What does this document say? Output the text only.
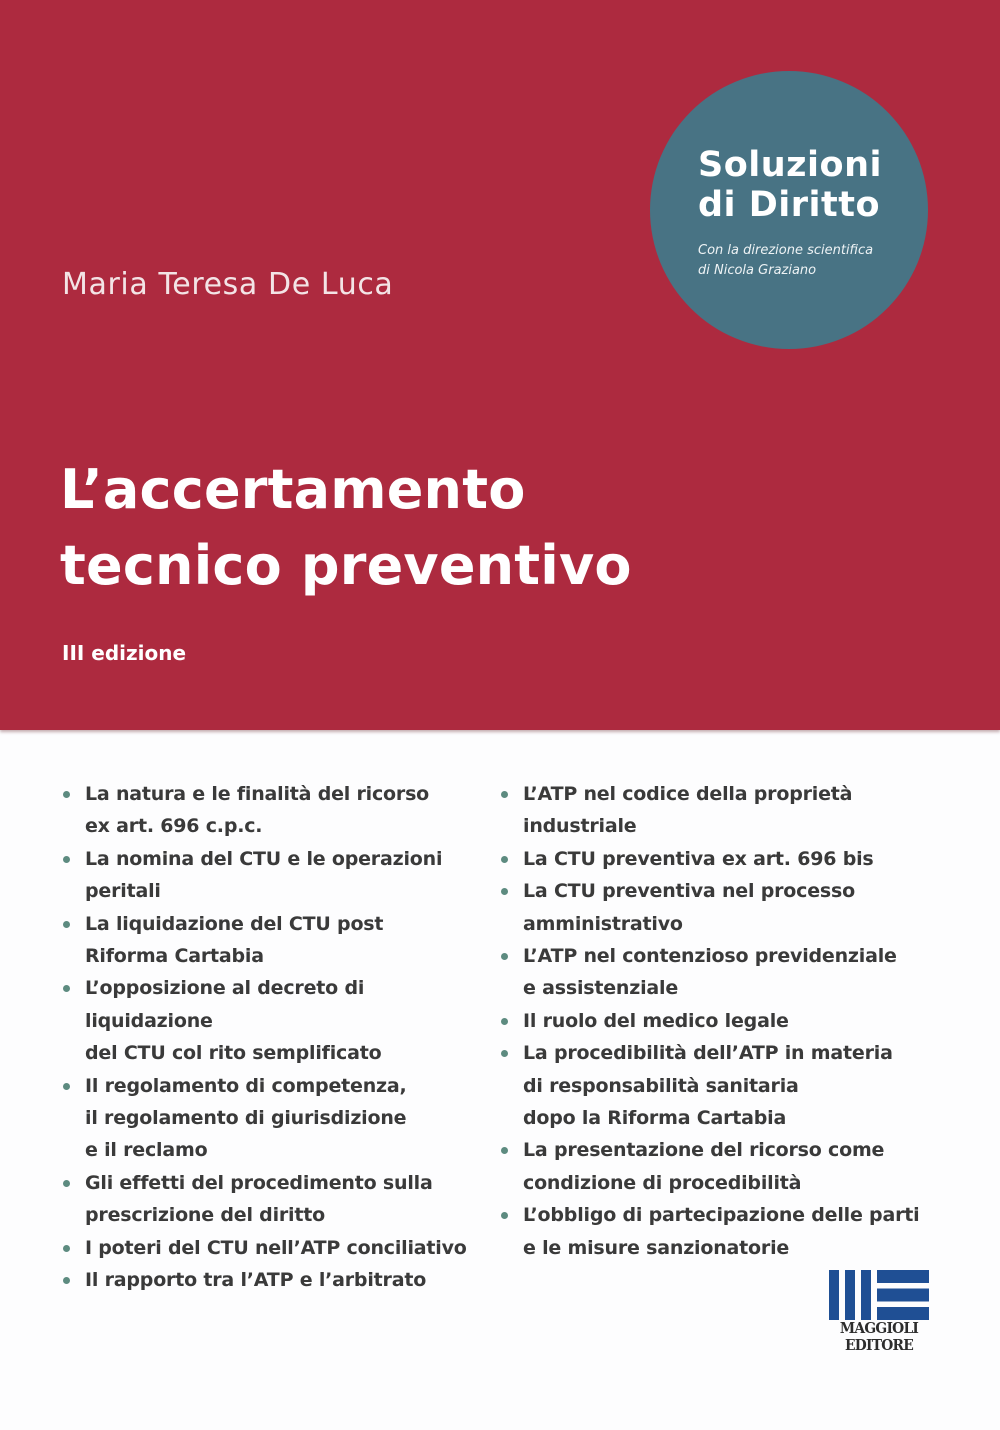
Soluzioni
di Diritto
Con la direzione scientifica
di Nicola Graziano
Maria Teresa De Luca
L’accertamento
tecnico preventivo
III edizione
La natura e le finalità del ricorso
ex art. 696 c.p.c.
La nomina del CTU e le operazioni
peritali
La liquidazione del CTU post
Riforma Cartabia
L’opposizione al decreto di liquidazione
del CTU col rito semplificato
Il regolamento di competenza,
il regolamento di giurisdizione
e il reclamo
Gli effetti del procedimento sulla
prescrizione del diritto
I poteri del CTU nell’ATP conciliativo
Il rapporto tra l’ATP e l’arbitrato
L’ATP nel codice della proprietà
industriale
La CTU preventiva ex art. 696 bis
La CTU preventiva nel processo
amministrativo
L’ATP nel contenzioso previdenziale
e assistenziale
Il ruolo del medico legale
La procedibilità dell’ATP in materia
di responsabilità sanitaria
dopo la Riforma Cartabia
La presentazione del ricorso come
condizione di procedibilità
L’obbligo di partecipazione delle parti
e le misure sanzionatorie
MAGGIOLI
EDITORE
